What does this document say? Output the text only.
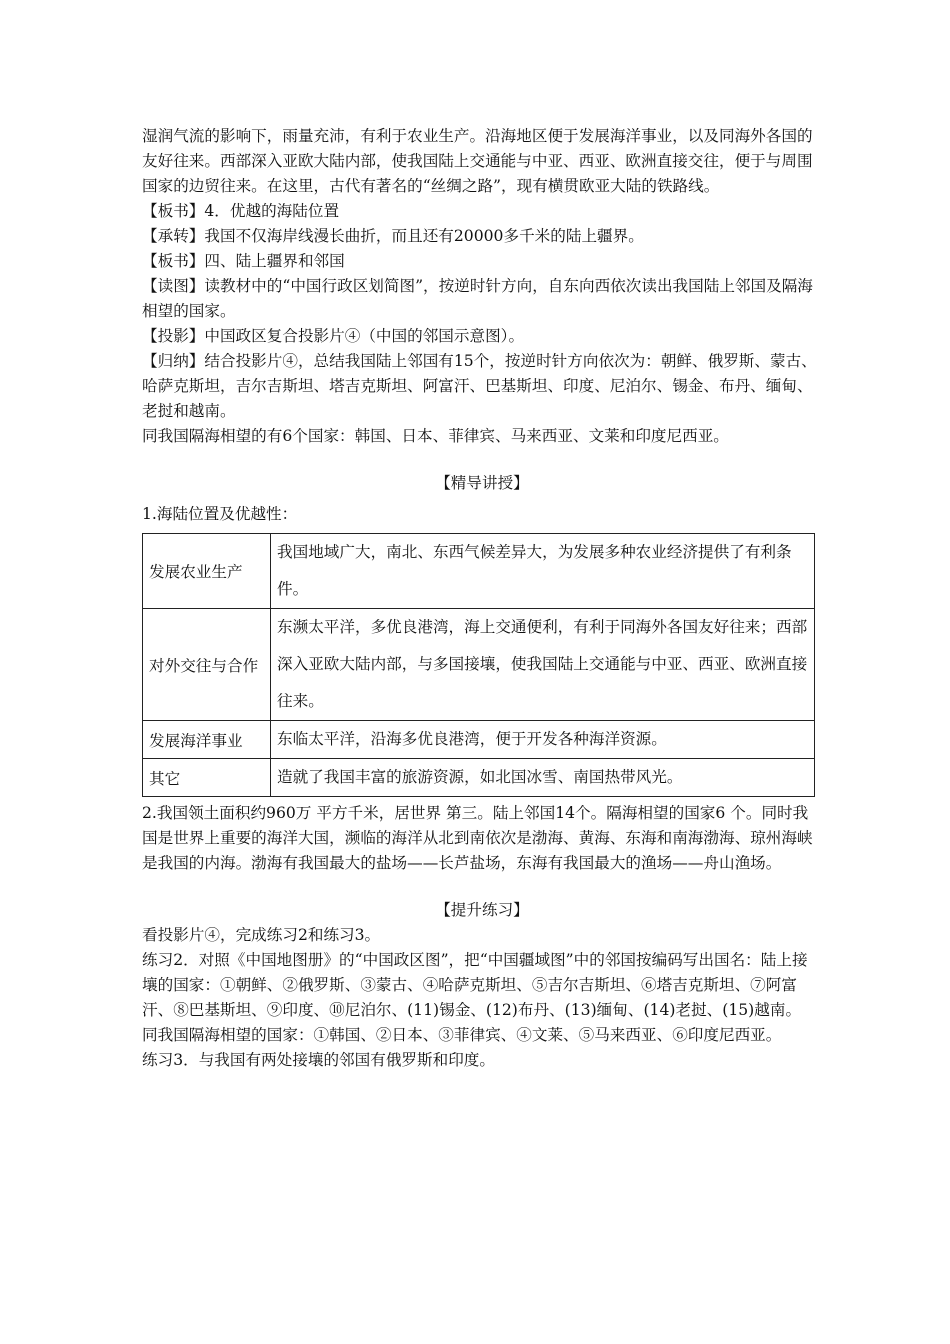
湿润气流的影响下，雨量充沛，有利于农业生产。沿海地区便于发展海洋事业，以及同海外各国的友好往来。西部深入亚欧大陆内部，使我国陆上交通能与中亚、西亚、欧洲直接交往，便于与周围国家的边贸往来。在这里，古代有著名的“丝绸之路”，现有横贯欧亚大陆的铁路线。

【板书】4．优越的海陆位置

【承转】我国不仅海岸线漫长曲折，而且还有20000多千米的陆上疆界。

【板书】四、陆上疆界和邻国

【读图】读教材中的“中国行政区划简图”，按逆时针方向，自东向西依次读出我国陆上邻国及隔海相望的国家。

【投影】中国政区复合投影片④（中国的邻国示意图）。

【归纳】结合投影片④，总结我国陆上邻国有15个，按逆时针方向依次为：朝鲜、俄罗斯、蒙古、哈萨克斯坦，吉尔吉斯坦、塔吉克斯坦、阿富汗、巴基斯坦、印度、尼泊尔、锡金、布丹、缅甸、老挝和越南。

同我国隔海相望的有6个国家：韩国、日本、菲律宾、马来西亚、文莱和印度尼西亚。

【精导讲授】

1.海陆位置及优越性：

发展农业生产	我国地域广大，南北、东西气候差异大，为发展多种农业经济提供了有利条件。
对外交往与合作	东濒太平洋，多优良港湾，海上交通便利，有利于同海外各国友好往来；西部深入亚欧大陆内部，与多国接壤，使我国陆上交通能与中亚、西亚、欧洲直接往来。
发展海洋事业	东临太平洋，沿海多优良港湾，便于开发各种海洋资源。
其它	造就了我国丰富的旅游资源，如北国冰雪、南国热带风光。

2.我国领土面积约960万 平方千米，居世界 第三。陆上邻国14个。隔海相望的国家6 个。同时我国是世界上重要的海洋大国，濒临的海洋从北到南依次是渤海、黄海、东海和南海渤海、琼州海峡是我国的内海。渤海有我国最大的盐场——长芦盐场，东海有我国最大的渔场——舟山渔场。

【提升练习】

看投影片④，完成练习2和练习3。

练习2．对照《中国地图册》的“中国政区图”，把“中国疆域图”中的邻国按编码写出国名：陆上接壤的国家：①朝鲜、②俄罗斯、③蒙古、④哈萨克斯坦、⑤吉尔吉斯坦、⑥塔吉克斯坦、⑦阿富汗、⑧巴基斯坦、⑨印度、⑩尼泊尔、(11)锡金、(12)布丹、(13)缅甸、(14)老挝、(15)越南。

同我国隔海相望的国家：①韩国、②日本、③菲律宾、④文莱、⑤马来西亚、⑥印度尼西亚。

练习3．与我国有两处接壤的邻国有俄罗斯和印度。
